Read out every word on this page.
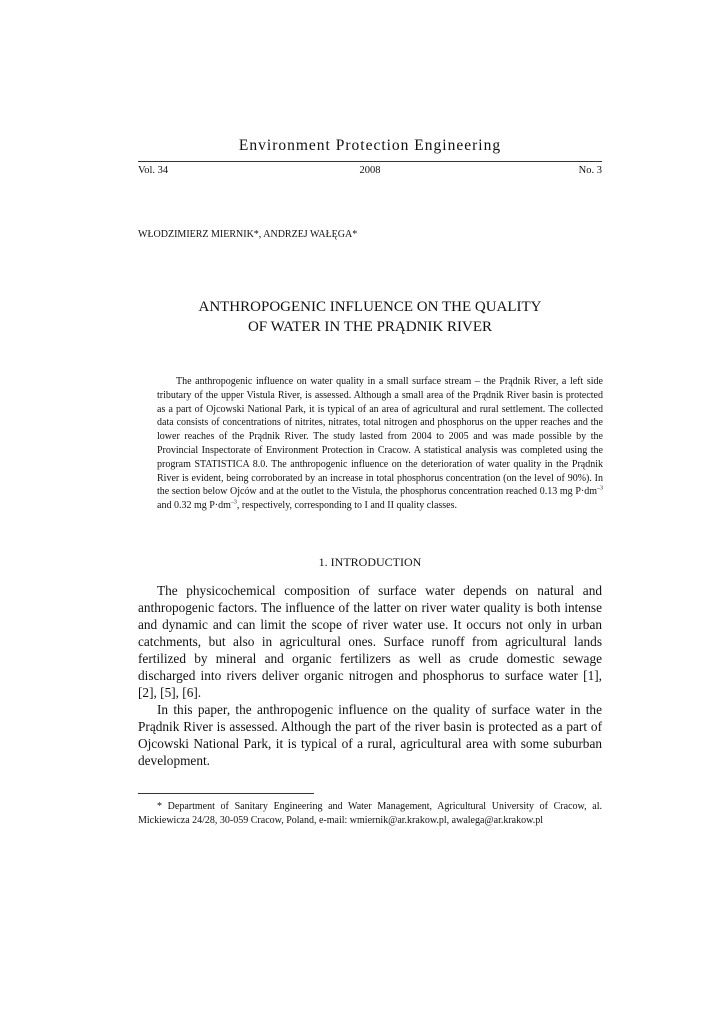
Environment Protection Engineering
Vol. 34	2008	No. 3
WŁODZIMIERZ MIERNIK*, ANDRZEJ WAŁĘGA*
ANTHROPOGENIC INFLUENCE ON THE QUALITY
OF WATER IN THE PRĄDNIK RIVER

The anthropogenic influence on water quality in a small surface stream – the Prądnik River, a left side tributary of the upper Vistula River, is assessed. Although a small area of the Prądnik River basin is protected as a part of Ojcowski National Park, it is typical of an area of agricultural and rural settlement. The collected data consists of concentrations of nitrites, nitrates, total nitrogen and phosphorus on the upper reaches and the lower reaches of the Prądnik River. The study lasted from 2004 to 2005 and was made possible by the Provincial Inspectorate of Environment Protection in Cracow. A statistical analysis was completed using the program STATISTICA 8.0. The anthropogenic influence on the deterioration of water quality in the Prądnik River is evident, being corroborated by an increase in total phosphorus concentration (on the level of 90%). In the section below Ojców and at the outlet to the Vistula, the phosphorus concentration reached 0.13 mg $P\cdot dm^{-3}$ and 0.32 mg $P\cdot dm^{-3}$, respectively, corresponding to I and II quality classes.

1. INTRODUCTION

The physicochemical composition of surface water depends on natural and anthropogenic factors. The influence of the latter on river water quality is both intense and dynamic and can limit the scope of river water use. It occurs not only in urban catchments, but also in agricultural ones. Surface runoff from agricultural lands fertilized by mineral and organic fertilizers as well as crude domestic sewage discharged into rivers deliver organic nitrogen and phosphorus to surface water [1], [2], [5], [6].

In this paper, the anthropogenic influence on the quality of surface water in the Prądnik River is assessed. Although the part of the river basin is protected as a part of Ojcowski National Park, it is typical of a rural, agricultural area with some suburban development.

* Department of Sanitary Engineering and Water Management, Agricultural University of Cracow, al. Mickiewicza 24/28, 30-059 Cracow, Poland, e-mail: wmiernik@ar.krakow.pl, awalega@ar.krakow.pl
